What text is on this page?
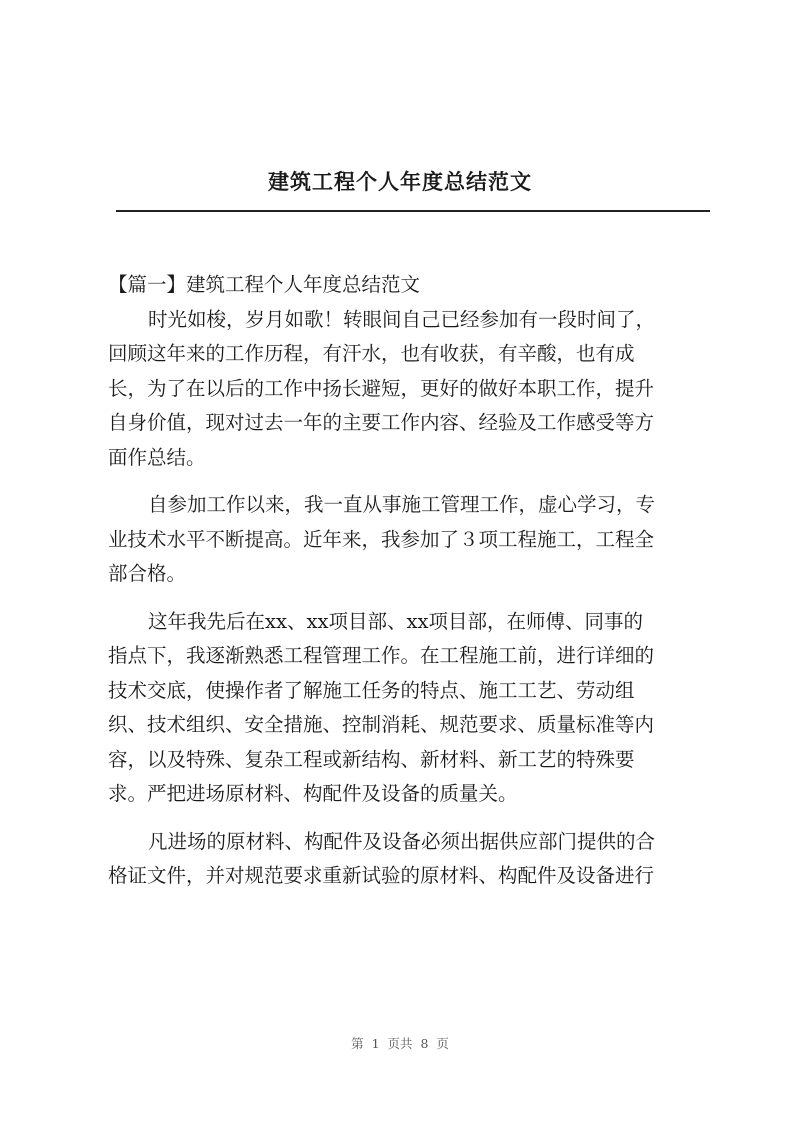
建筑工程个人年度总结范文
【篇一】建筑工程个人年度总结范文
时光如梭，岁月如歌！转眼间自己已经参加有一段时间了，
回顾这年来的工作历程，有汗水，也有收获，有辛酸，也有成
长，为了在以后的工作中扬长避短，更好的做好本职工作，提升
自身价值，现对过去一年的主要工作内容、经验及工作感受等方
面作总结。
自参加工作以来，我一直从事施工管理工作，虚心学习，专
业技术水平不断提高。近年来，我参加了３项工程施工，工程全
部合格。
这年我先后在xx、xx项目部、xx项目部，在师傅、同事的
指点下，我逐渐熟悉工程管理工作。在工程施工前，进行详细的
技术交底，使操作者了解施工任务的特点、施工工艺、劳动组
织、技术组织、安全措施、控制消耗、规范要求、质量标准等内
容，以及特殊、复杂工程或新结构、新材料、新工艺的特殊要
求。严把进场原材料、构配件及设备的质量关。
凡进场的原材料、构配件及设备必须出据供应部门提供的合
格证文件，并对规范要求重新试验的原材料、构配件及设备进行
第 1 页共 8 页
